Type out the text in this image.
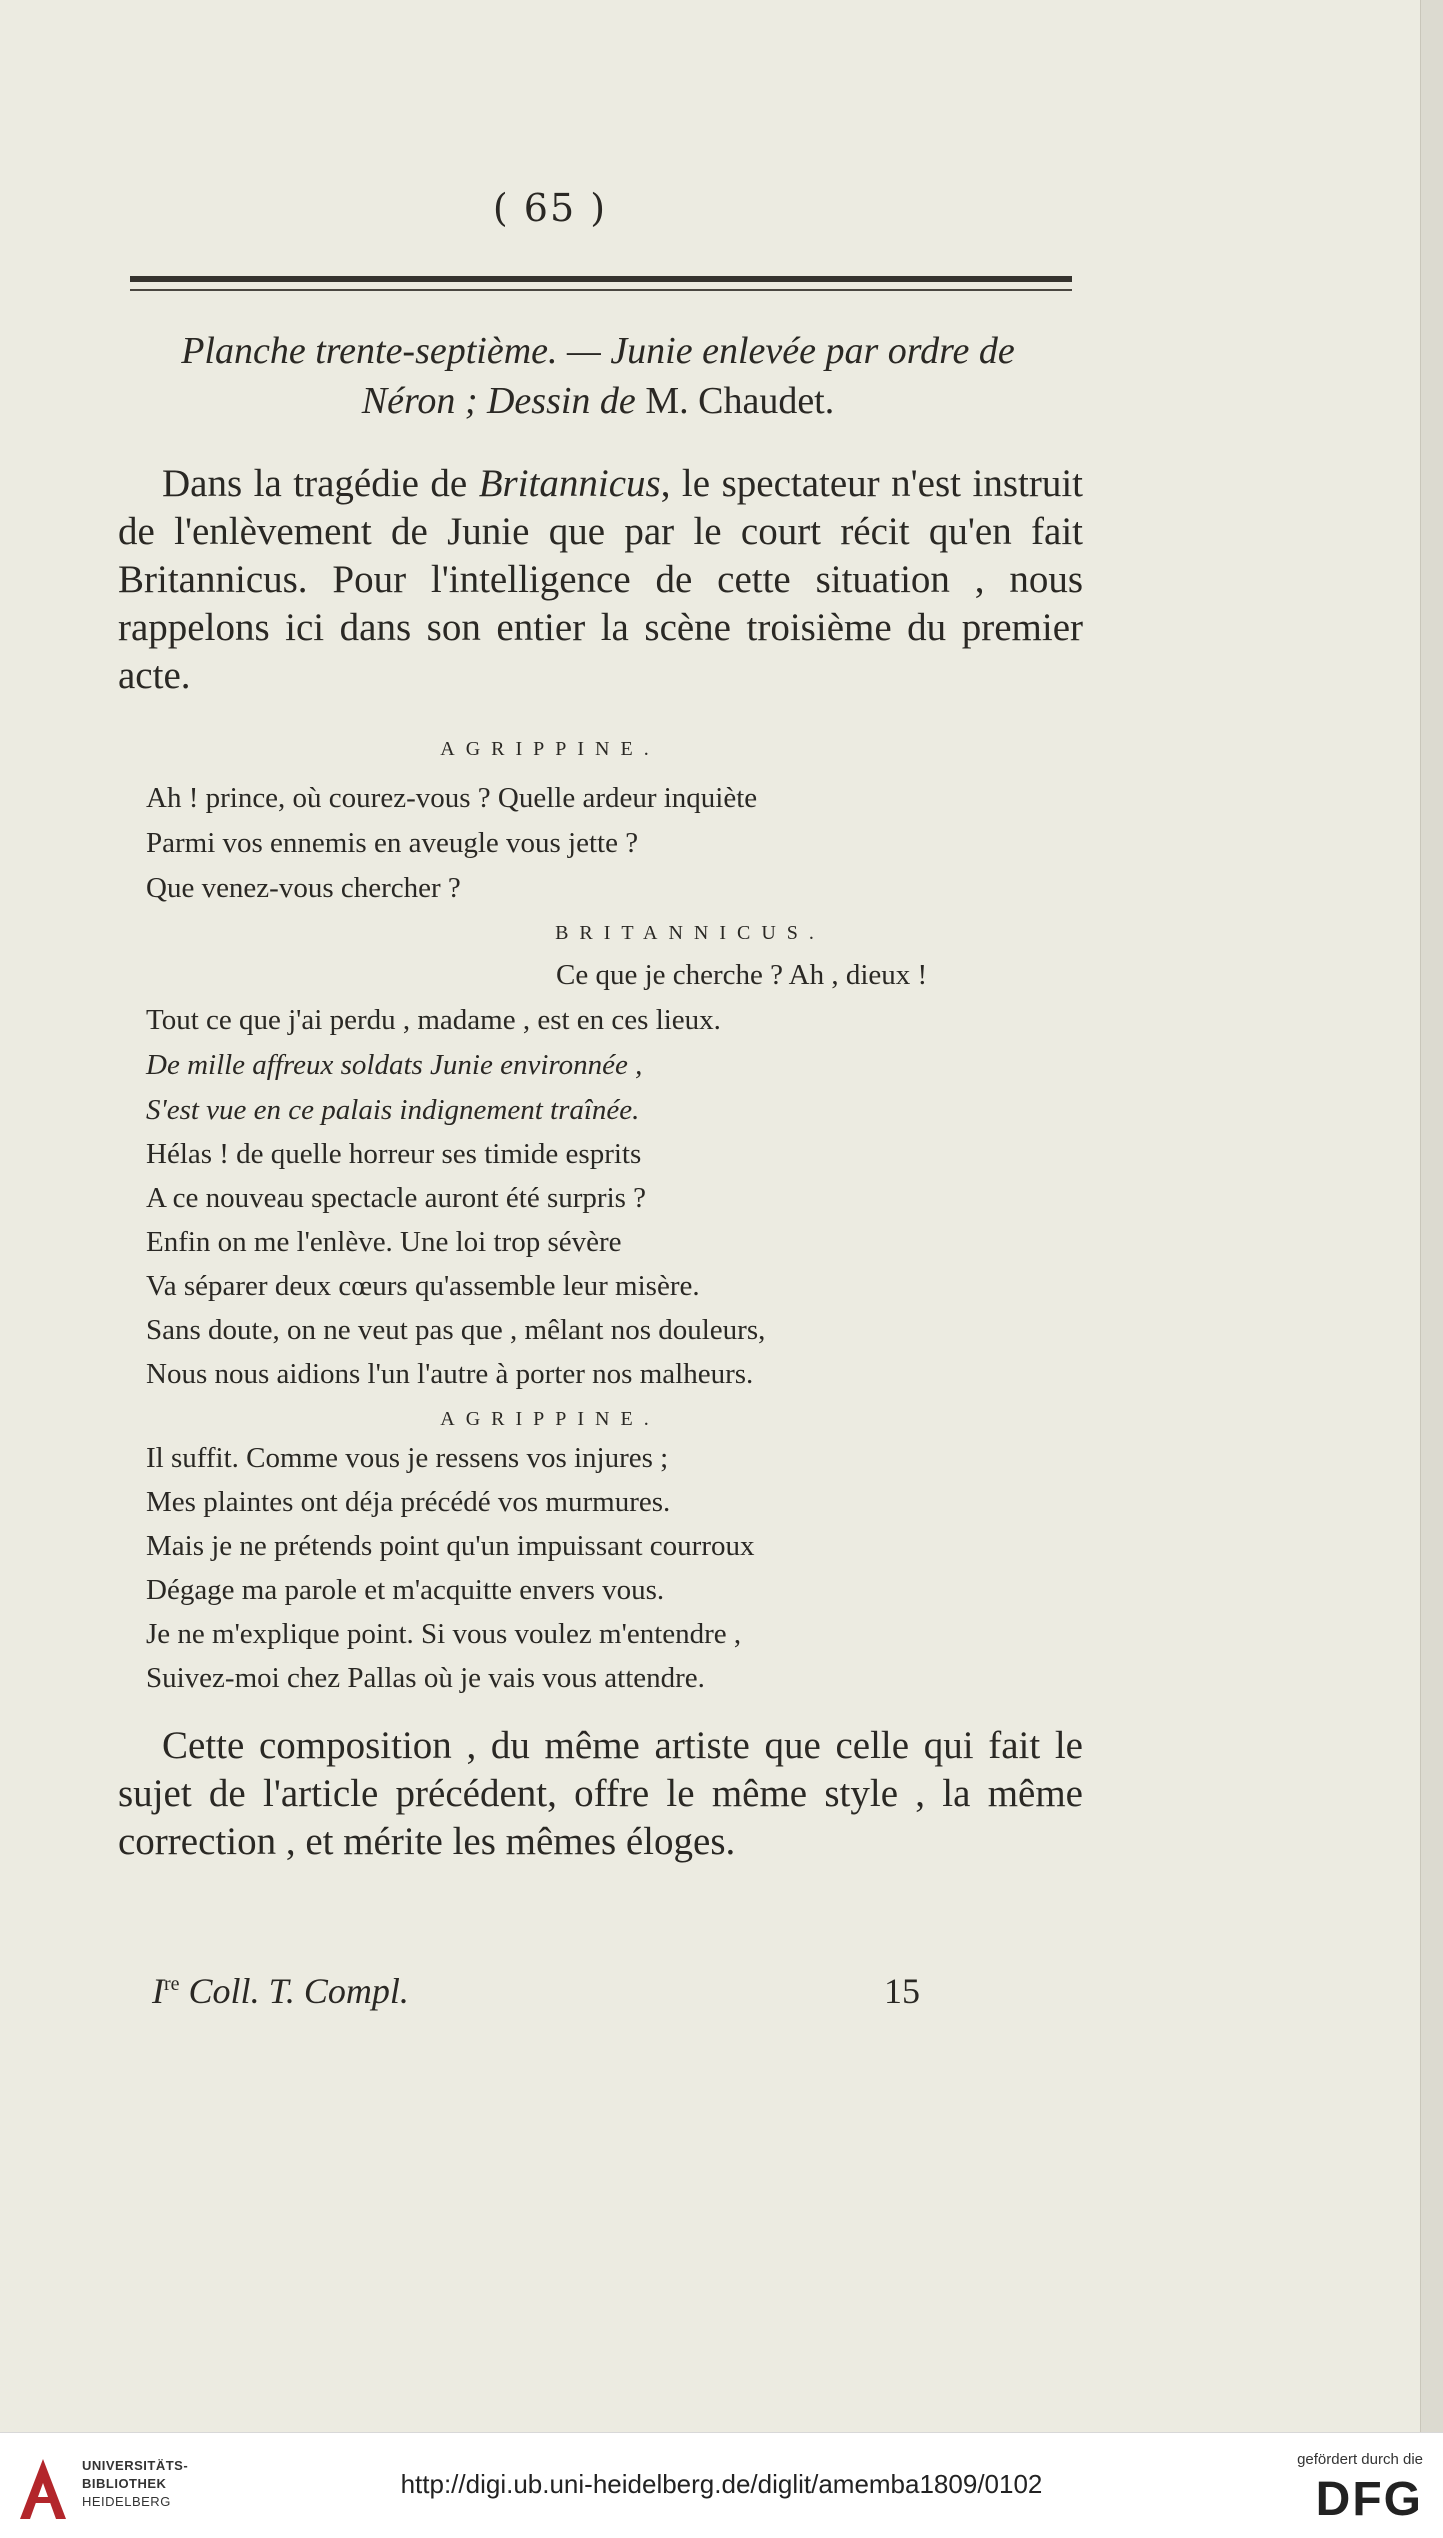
( 65 )
Planche trente-septième. — Junie enlevée par ordre de
Néron ; Dessin de M. Chaudet.
Dans la tragédie de Britannicus, le spectateur n'est instruit de l'enlèvement de Junie que par le court récit qu'en fait Britannicus. Pour l'intelligence de cette situation , nous rappelons ici dans son entier la scène troisième du premier acte.
AGRIPPINE.
Ah ! prince, où courez-vous ? Quelle ardeur inquiète
Parmi vos ennemis en aveugle vous jette ?
Que venez-vous chercher ?
BRITANNICUS.
Ce que je cherche ? Ah , dieux !
Tout ce que j'ai perdu , madame , est en ces lieux.
De mille affreux soldats Junie environnée ,
S'est vue en ce palais indignement traînée.
Hélas ! de quelle horreur ses timide esprits
A ce nouveau spectacle auront été surpris ?
Enfin on me l'enlève. Une loi trop sévère
Va séparer deux cœurs qu'assemble leur misère.
Sans doute, on ne veut pas que , mêlant nos douleurs,
Nous nous aidions l'un l'autre à porter nos malheurs.
AGRIPPINE.
Il suffit. Comme vous je ressens vos injures ;
Mes plaintes ont déja précédé vos murmures.
Mais je ne prétends point qu'un impuissant courroux
Dégage ma parole et m'acquitte envers vous.
Je ne m'explique point. Si vous voulez m'entendre ,
Suivez-moi chez Pallas où je vais vous attendre.
Cette composition , du même artiste que celle qui fait le sujet de l'article précédent, offre le même style , la même correction , et mérite les mêmes éloges.
Ire Coll. T. Compl.	15
UNIVERSITÄTS-
BIBLIOTHEK
HEIDELBERG
http://digi.ub.uni-heidelberg.de/diglit/amemba1809/0102
gefördert durch die
DFG
